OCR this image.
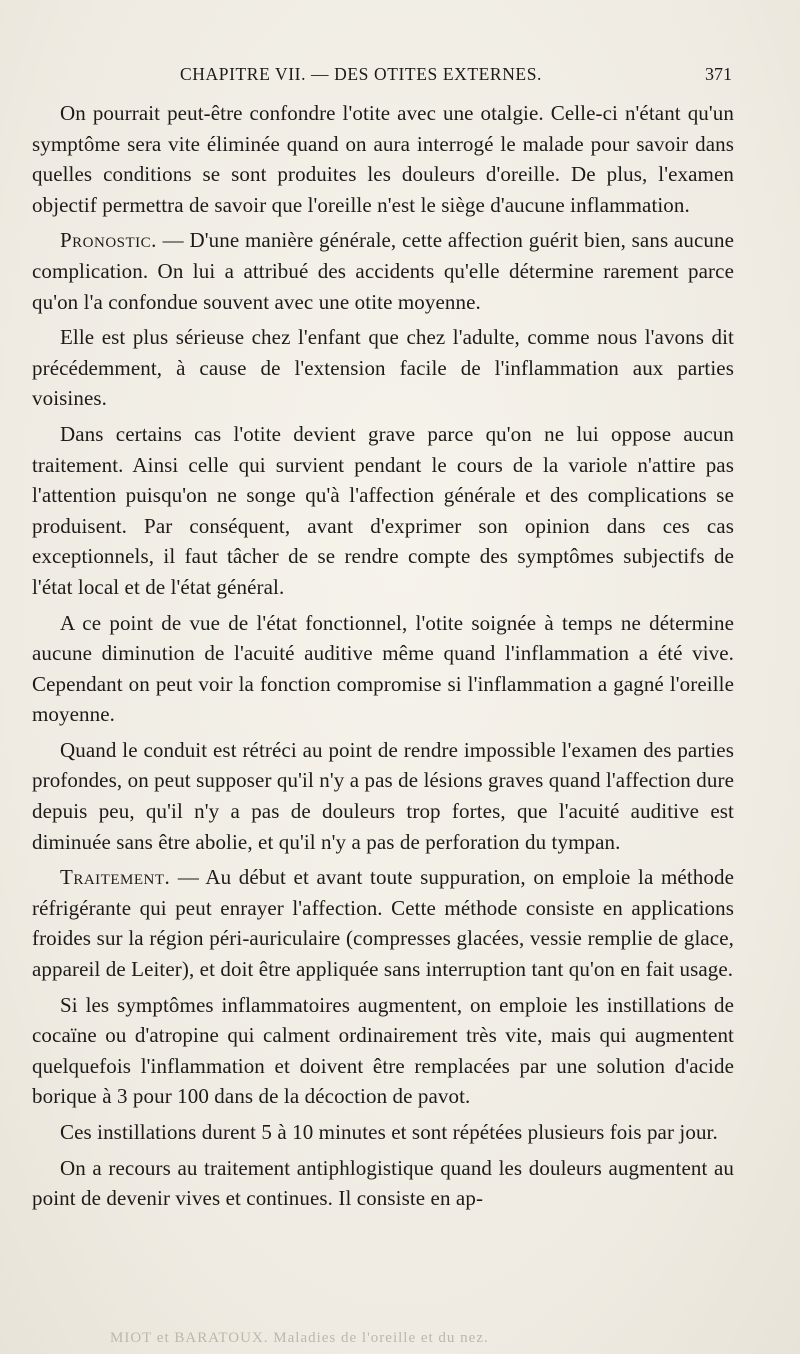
CHAPITRE VII. — DES OTITES EXTERNES.	371

On pourrait peut-être confondre l'otite avec une otalgie. Celle-ci n'étant qu'un symptôme sera vite éliminée quand on aura interrogé le malade pour savoir dans quelles conditions se sont produites les douleurs d'oreille. De plus, l'examen objectif permettra de savoir que l'oreille n'est le siège d'aucune inflammation.

Pronostic. — D'une manière générale, cette affection guérit bien, sans aucune complication. On lui a attribué des accidents qu'elle détermine rarement parce qu'on l'a confondue souvent avec une otite moyenne.

Elle est plus sérieuse chez l'enfant que chez l'adulte, comme nous l'avons dit précédemment, à cause de l'extension facile de l'inflammation aux parties voisines.

Dans certains cas l'otite devient grave parce qu'on ne lui oppose aucun traitement. Ainsi celle qui survient pendant le cours de la variole n'attire pas l'attention puisqu'on ne songe qu'à l'affection générale et des complications se produisent. Par conséquent, avant d'exprimer son opinion dans ces cas exceptionnels, il faut tâcher de se rendre compte des symptômes subjectifs de l'état local et de l'état général.

A ce point de vue de l'état fonctionnel, l'otite soignée à temps ne détermine aucune diminution de l'acuité auditive même quand l'inflammation a été vive. Cependant on peut voir la fonction compromise si l'inflammation a gagné l'oreille moyenne.

Quand le conduit est rétréci au point de rendre impossible l'examen des parties profondes, on peut supposer qu'il n'y a pas de lésions graves quand l'affection dure depuis peu, qu'il n'y a pas de douleurs trop fortes, que l'acuité auditive est diminuée sans être abolie, et qu'il n'y a pas de perforation du tympan.

Traitement. — Au début et avant toute suppuration, on emploie la méthode réfrigérante qui peut enrayer l'affection. Cette méthode consiste en applications froides sur la région péri-auriculaire (compresses glacées, vessie remplie de glace, appareil de Leiter), et doit être appliquée sans interruption tant qu'on en fait usage.

Si les symptômes inflammatoires augmentent, on emploie les instillations de cocaïne ou d'atropine qui calment ordinairement très vite, mais qui augmentent quelquefois l'inflammation et doivent être remplacées par une solution d'acide borique à 3 pour 100 dans de la décoction de pavot.

Ces instillations durent 5 à 10 minutes et sont répétées plusieurs fois par jour.

On a recours au traitement antiphlogistique quand les douleurs augmentent au point de devenir vives et continues. Il consiste en ap-

MIOT et BARATOUX. Maladies de l'oreille et du nez.
